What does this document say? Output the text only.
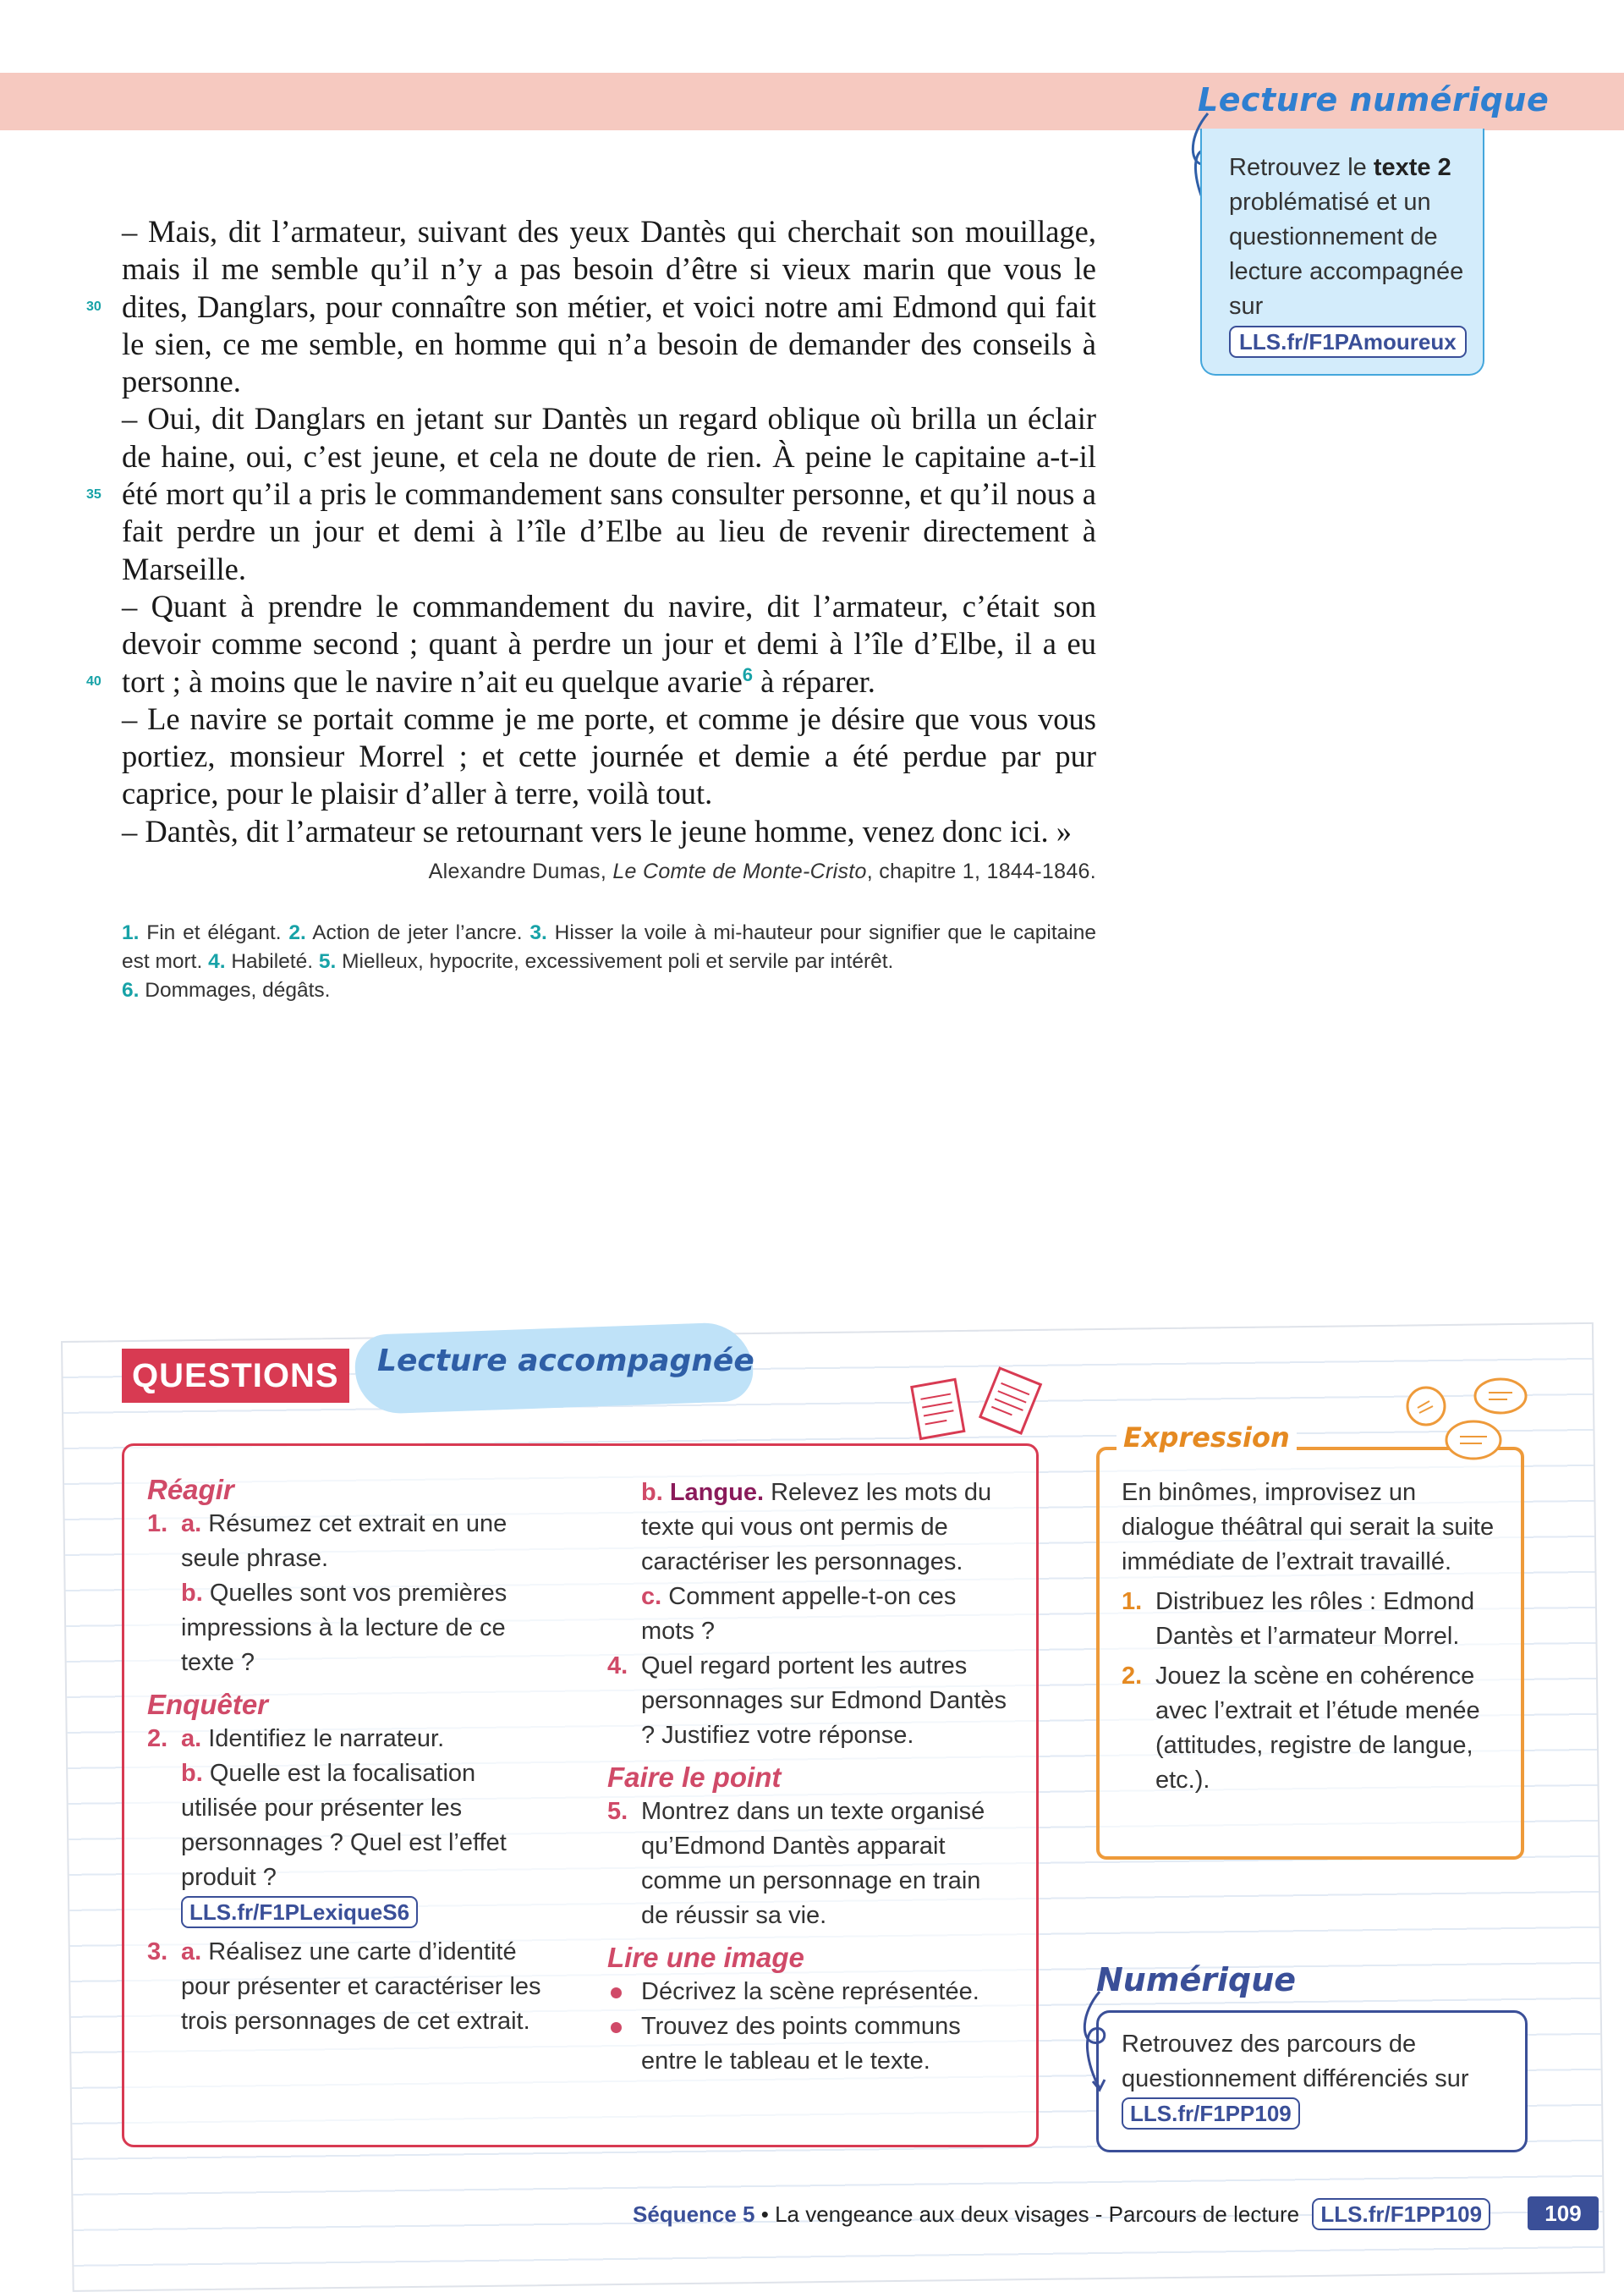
Lecture numérique
Retrouvez le texte 2 problématisé et un questionnement de lecture accompagnée sur
LLS.fr/F1PAmoureux
30
35
40

– Mais, dit l’armateur, suivant des yeux Dantès qui cherchait son mouillage, mais il me semble qu’il n’y a pas besoin d’être si vieux marin que vous le dites, Danglars, pour connaître son métier, et voici notre ami Edmond qui fait le sien, ce me semble, en homme qui n’a besoin de demander des conseils à personne.

– Oui, dit Danglars en jetant sur Dantès un regard oblique où brilla un éclair de haine, oui, c’est jeune, et cela ne doute de rien. À peine le capitaine a-t-il été mort qu’il a pris le commandement sans consulter personne, et qu’il nous a fait perdre un jour et demi à l’île d’Elbe au lieu de revenir directement à Marseille.

– Quant à prendre le commandement du navire, dit l’armateur, c’était son devoir comme second ; quant à perdre un jour et demi à l’île d’Elbe, il a eu tort ; à moins que le navire n’ait eu quelque avarie$^6$ à réparer.

– Le navire se portait comme je me porte, et comme je désire que vous vous portiez, monsieur Morrel ; et cette journée et demie a été perdue par pur caprice, pour le plaisir d’aller à terre, voilà tout.

– Dantès, dit l’armateur se retournant vers le jeune homme, venez donc ici. »

Alexandre Dumas, Le Comte de Monte-Cristo, chapitre 1, 1844-1846.
1. Fin et élégant. 2. Action de jeter l’ancre. 3. Hisser la voile à mi-hauteur pour signifier que le capitaine est mort. 4. Habileté. 5. Mielleux, hypocrite, excessivement poli et servile par intérêt.
6. Dommages, dégâts.
QUESTIONS	Lecture accompagnée

Réagir

1. a. Résumez cet extrait en une seule phrase.

b. Quelles sont vos premières impressions à la lecture de ce texte ?

Enquêter

2. a. Identifiez le narrateur.

b. Quelle est la focalisation utilisée pour présenter les personnages ? Quel est l’effet produit ?
LLS.fr/F1PLexiqueS6

3. a. Réalisez une carte d’identité pour présenter et caractériser les trois personnages de cet extrait.

b. Langue. Relevez les mots du texte qui vous ont permis de caractériser les personnages.

c. Comment appelle-t-on ces mots ?

4. Quel regard portent les autres personnages sur Edmond Dantès ? Justifiez votre réponse.

Faire le point

5. Montrez dans un texte organisé qu’Edmond Dantès apparait comme un personnage en train de réussir sa vie.

Lire une image

Décrivez la scène représentée.

Trouvez des points communs entre le tableau et le texte.

Expression

En binômes, improvisez un dialogue théâtral qui serait la suite immédiate de l’extrait travaillé.

1. Distribuez les rôles : Edmond Dantès et l’armateur Morrel.

2. Jouez la scène en cohérence avec l’extrait et l’étude menée (attitudes, registre de langue, etc.).

Numérique
Retrouvez des parcours de questionnement différenciés sur LLS.fr/F1PP109
Séquence 5 • La vengeance aux deux visages - Parcours de lecture LLS.fr/F1PP109	109
